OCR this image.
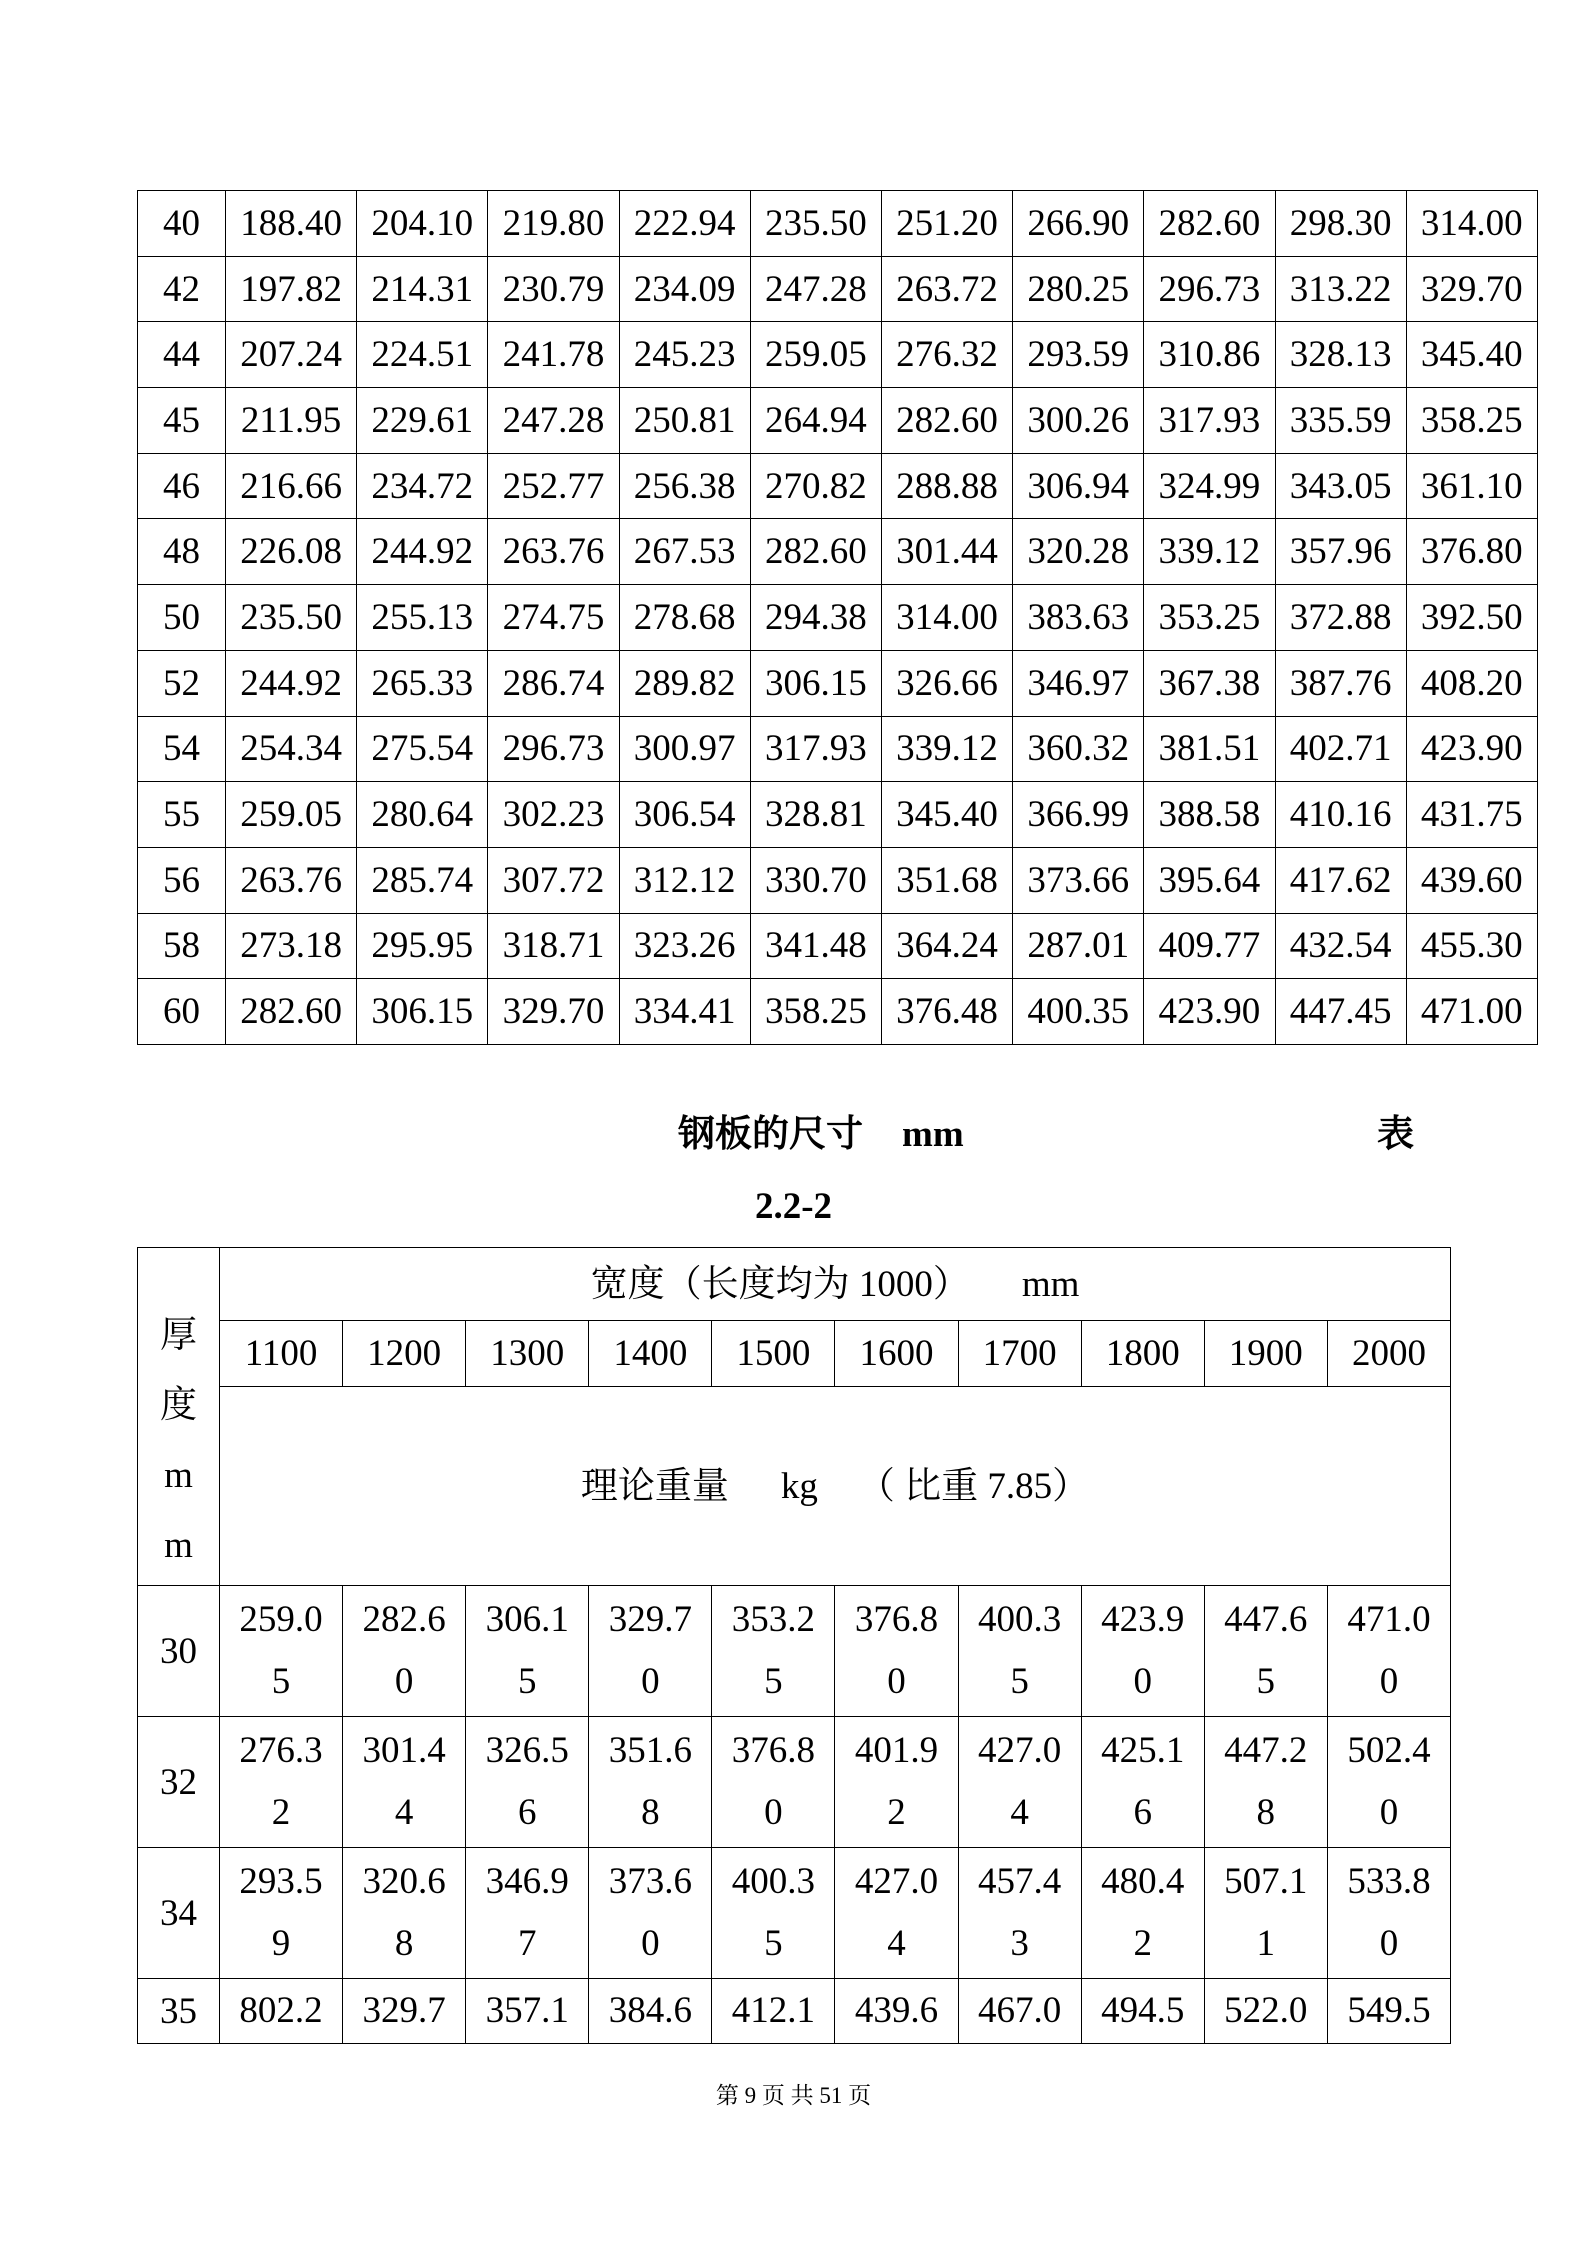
40	188.40	204.10	219.80	222.94	235.50	251.20	266.90	282.60	298.30	314.00
42	197.82	214.31	230.79	234.09	247.28	263.72	280.25	296.73	313.22	329.70
44	207.24	224.51	241.78	245.23	259.05	276.32	293.59	310.86	328.13	345.40
45	211.95	229.61	247.28	250.81	264.94	282.60	300.26	317.93	335.59	358.25
46	216.66	234.72	252.77	256.38	270.82	288.88	306.94	324.99	343.05	361.10
48	226.08	244.92	263.76	267.53	282.60	301.44	320.28	339.12	357.96	376.80
50	235.50	255.13	274.75	278.68	294.38	314.00	383.63	353.25	372.88	392.50
52	244.92	265.33	286.74	289.82	306.15	326.66	346.97	367.38	387.76	408.20
54	254.34	275.54	296.73	300.97	317.93	339.12	360.32	381.51	402.71	423.90
55	259.05	280.64	302.23	306.54	328.81	345.40	366.99	388.58	410.16	431.75
56	263.76	285.74	307.72	312.12	330.70	351.68	373.66	395.64	417.62	439.60
58	273.18	295.95	318.71	323.26	341.48	364.24	287.01	409.77	432.54	455.30
60	282.60	306.15	329.70	334.41	358.25	376.48	400.35	423.90	447.45	471.00
钢板的尺寸 mm	表
2.2-2
厚度mm	宽度（长度均为 1000） mm									
	1100	1200	1300	1400	1500	1600	1700	1800	1900	2000
	理论重量 kg （ 比重 7.85）									
30	259.05	282.60	306.15	329.70	353.25	376.80	400.35	423.90	447.65	471.00
32	276.32	301.44	326.56	351.68	376.80	401.92	427.04	425.16	447.28	502.40
34	293.59	320.68	346.97	373.60	400.35	427.04	457.43	480.42	507.11	533.80
35	802.2	329.7	357.1	384.6	412.1	439.6	467.0	494.5	522.0	549.5
第 9 页 共 51 页
